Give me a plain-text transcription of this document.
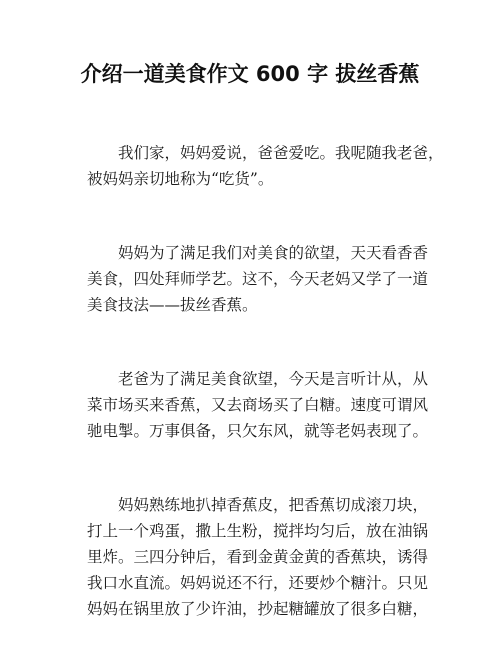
介绍一道美食作文 600 字 拔丝香蕉

我们家，妈妈爱说，爸爸爱吃。我呢随我老爸，
被妈妈亲切地称为“吃货”。

妈妈为了满足我们对美食的欲望，天天看香香
美食，四处拜师学艺。这不，今天老妈又学了一道
美食技法——拔丝香蕉。

老爸为了满足美食欲望，今天是言听计从，从
菜市场买来香蕉，又去商场买了白糖。速度可谓风
驰电掣。万事俱备，只欠东风，就等老妈表现了。

妈妈熟练地扒掉香蕉皮，把香蕉切成滚刀块，
打上一个鸡蛋，撒上生粉，搅拌均匀后，放在油锅
里炸。三四分钟后，看到金黄金黄的香蕉块，诱得
我口水直流。妈妈说还不行，还要炒个糖汁。只见
妈妈在锅里放了少许油，抄起糖罐放了很多白糖，
